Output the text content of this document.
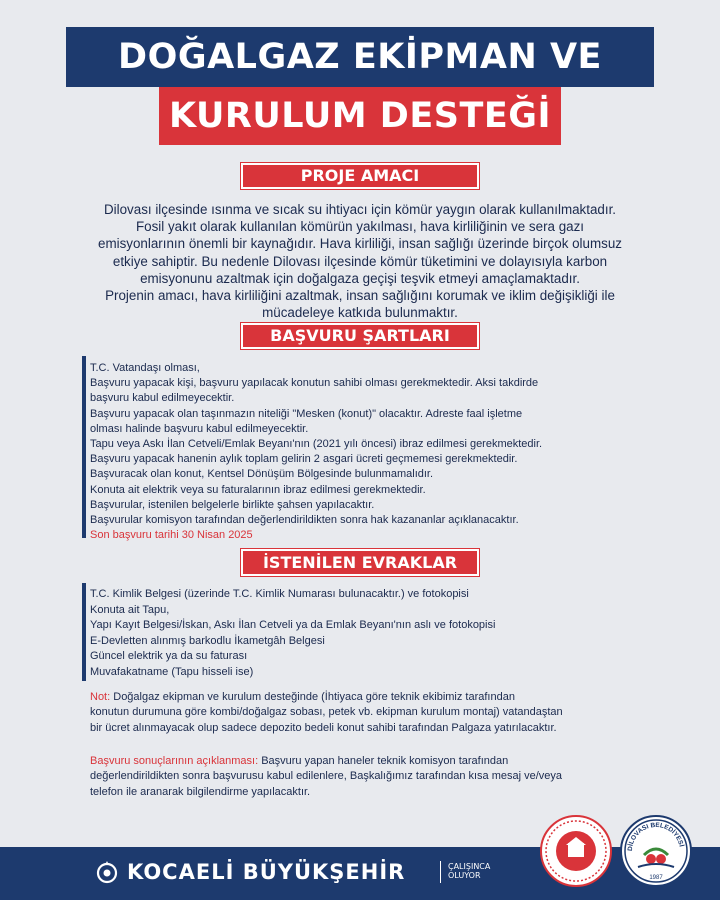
DOĞALGAZ EKİPMAN VE
KURULUM DESTEĞİ
PROJE AMACI
Dilovası ilçesinde ısınma ve sıcak su ihtiyacı için kömür yaygın olarak kullanılmaktadır.
Fosil yakıt olarak kullanılan kömürün yakılması, hava kirliliğinin ve sera gazı
emisyonlarının önemli bir kaynağıdır. Hava kirliliği, insan sağlığı üzerinde birçok olumsuz
etkiye sahiptir. Bu nedenle Dilovası ilçesinde kömür tüketimini ve dolayısıyla karbon
emisyonunu azaltmak için doğalgaza geçişi teşvik etmeyi amaçlamaktadır.
Projenin amacı, hava kirliliğini azaltmak, insan sağlığını korumak ve iklim değişikliği ile
mücadeleye katkıda bulunmaktır.
BAŞVURU ŞARTLARI
T.C. Vatandaşı olması,
Başvuru yapacak kişi, başvuru yapılacak konutun sahibi olması gerekmektedir. Aksi takdirde
başvuru kabul edilmeyecektir.
Başvuru yapacak olan taşınmazın niteliği "Mesken (konut)" olacaktır. Adreste faal işletme
olması halinde başvuru kabul edilmeyecektir.
Tapu veya Askı İlan Cetveli/Emlak Beyanı'nın (2021 yılı öncesi) ibraz edilmesi gerekmektedir.
Başvuru yapacak hanenin aylık toplam gelirin 2 asgari ücreti geçmemesi gerekmektedir.
Başvuracak olan konut, Kentsel Dönüşüm Bölgesinde bulunmamalıdır.
Konuta ait elektrik veya su faturalarının ibraz edilmesi gerekmektedir.
Başvurular, istenilen belgelerle birlikte şahsen yapılacaktır.
Başvurular komisyon tarafından değerlendirildikten sonra hak kazananlar açıklanacaktır.
Son başvuru tarihi 30 Nisan 2025
İSTENİLEN EVRAKLAR
T.C. Kimlik Belgesi (üzerinde T.C. Kimlik Numarası bulunacaktır.) ve fotokopisi
Konuta ait Tapu,
Yapı Kayıt Belgesi/İskan, Askı İlan Cetveli ya da Emlak Beyanı'nın aslı ve fotokopisi
E-Devletten alınmış barkodlu İkametgâh Belgesi
Güncel elektrik ya da su faturası
Muvafakatname (Tapu hisseli ise)
Not: Doğalgaz ekipman ve kurulum desteğinde (İhtiyaca göre teknik ekibimiz tarafından
konutun durumuna göre kombi/doğalgaz sobası, petek vb. ekipman kurulum montaj) vatandaştan
bir ücret alınmayacak olup sadece depozito bedeli konut sahibi tarafından Palgaza yatırılacaktır.
Başvuru sonuçlarının açıklanması: Başvuru yapan haneler teknik komisyon tarafından
değerlendirildikten sonra başvurusu kabul edilenlere, Başkalığımız tarafından kısa mesaj ve/veya
telefon ile aranarak bilgilendirme yapılacaktır.
KOCAELİ BÜYÜKŞEHİR	ÇALIŞINCA
OLUYOR
DİLOVASI BELEDİYESİ
1987
